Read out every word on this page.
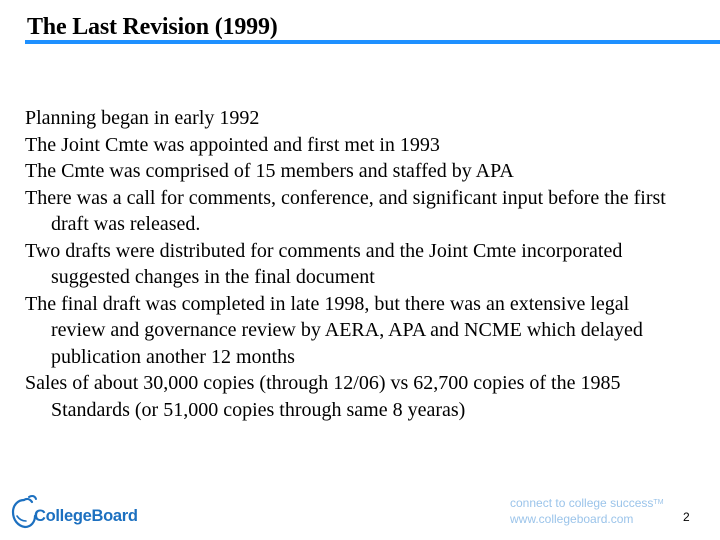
The Last Revision (1999)
Planning began in early 1992
The Joint Cmte was appointed and first met in 1993
The Cmte was comprised of 15 members and staffed by APA
There was a call for comments, conference, and significant input before the first draft was released.
Two drafts were distributed for comments and the Joint Cmte incorporated suggested changes in the final document
The final draft was completed in late 1998, but there was an extensive legal review and governance review by AERA, APA and NCME which delayed publication another 12 months
Sales of about 30,000 copies (through 12/06) vs 62,700 copies of the 1985 Standards (or 51,000 copies through same 8 yearas)
CollegeBoard
connect to college success™
www.collegeboard.com	2
